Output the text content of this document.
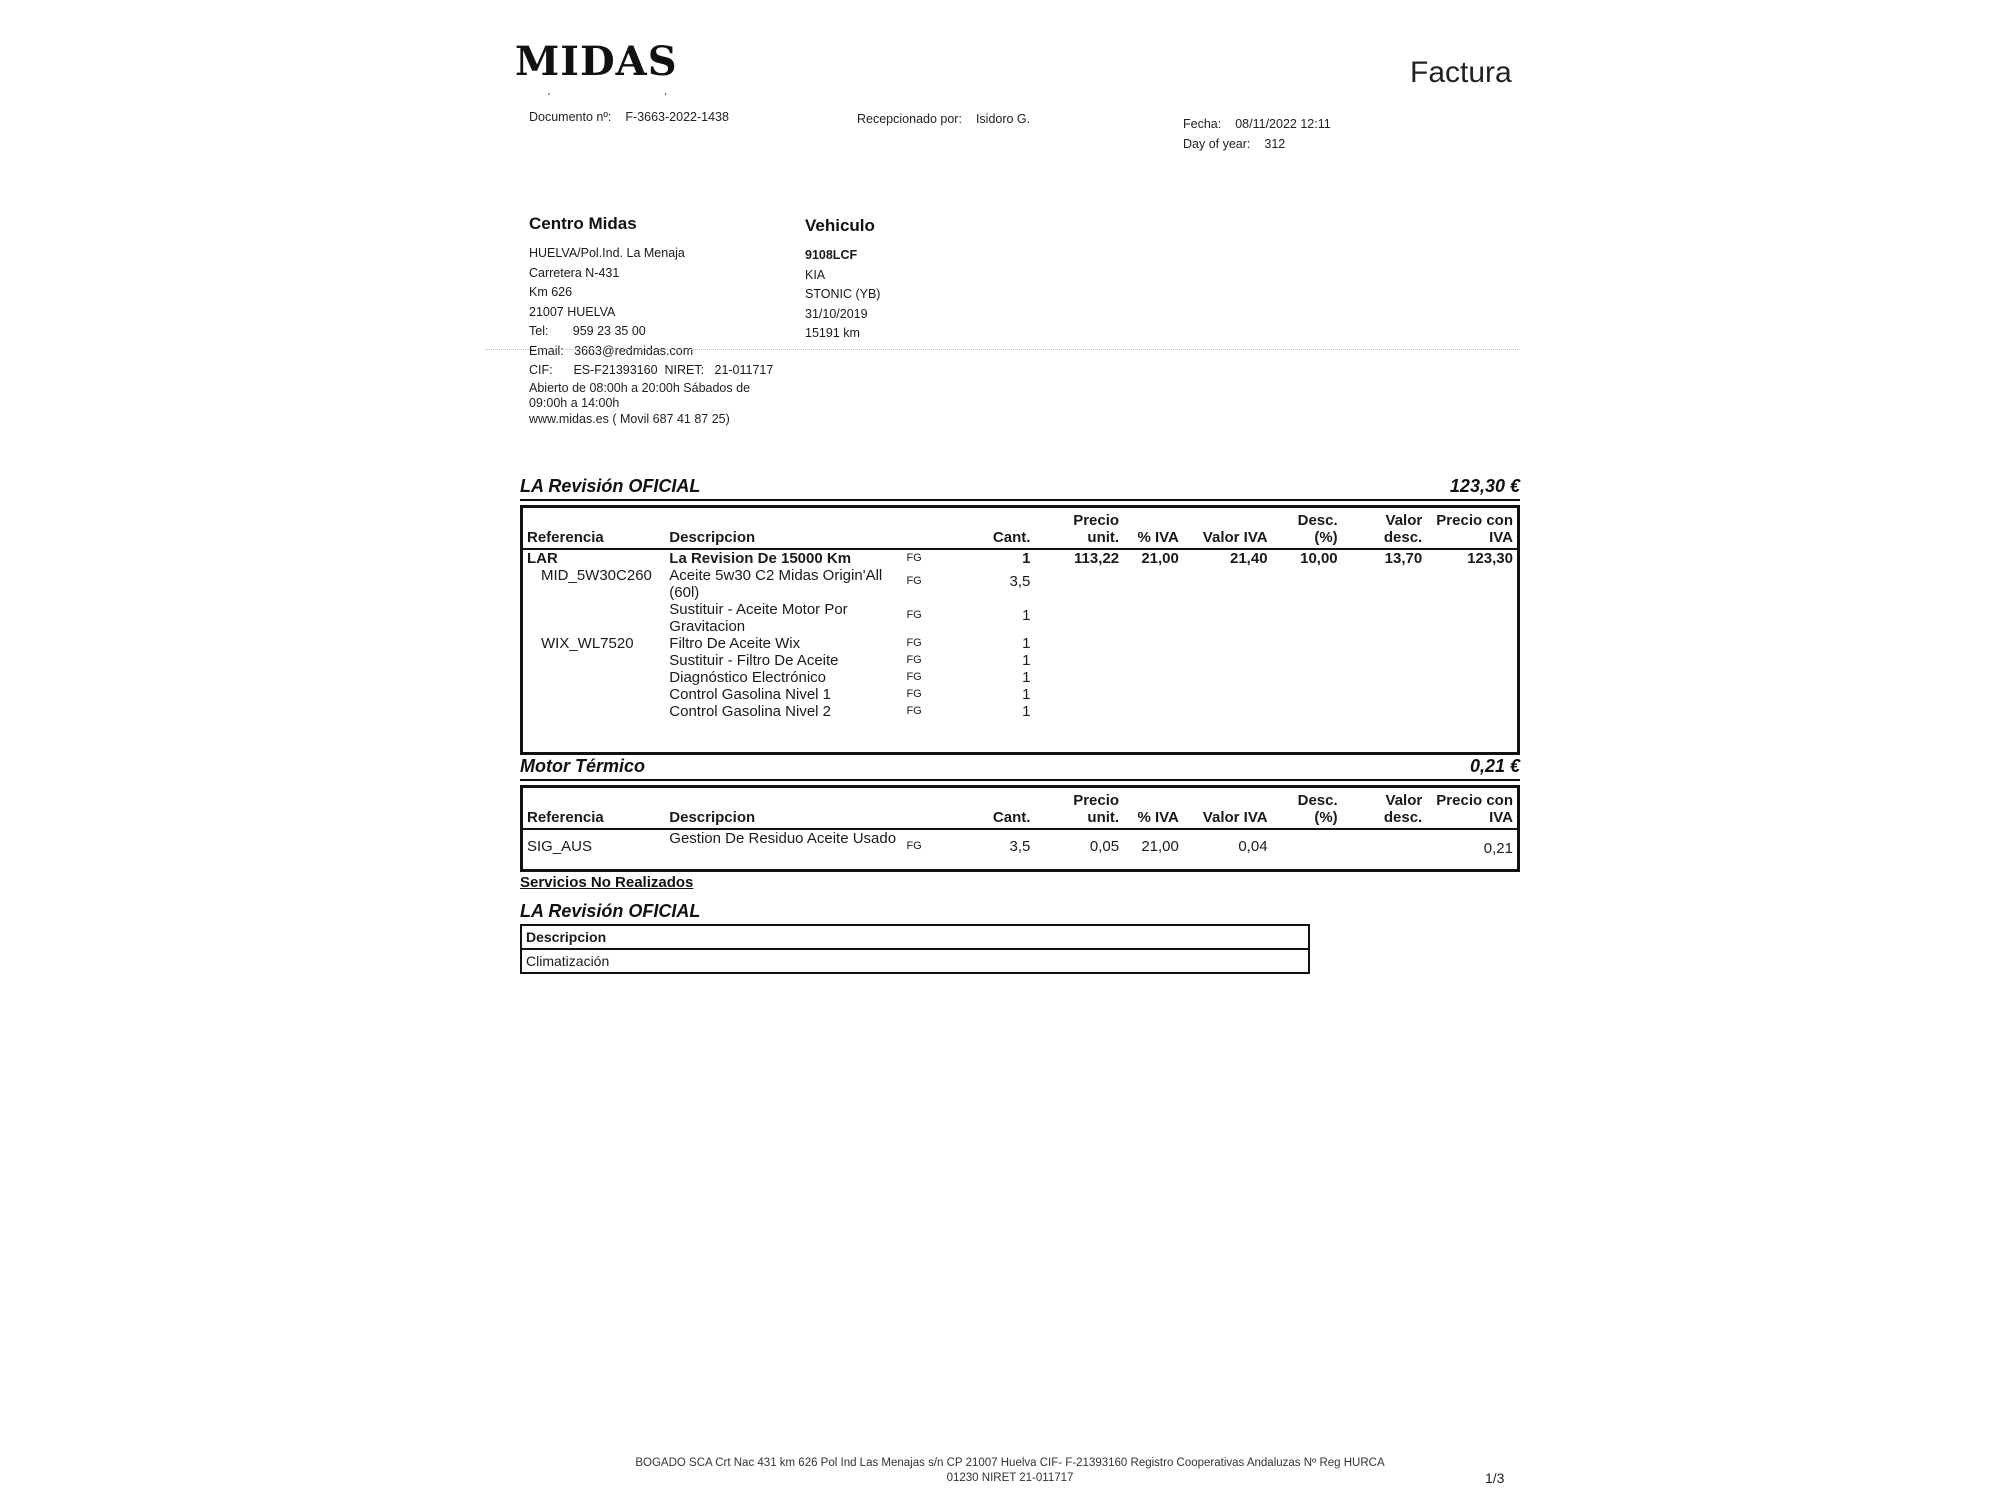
MIDAS
' '
Factura
Documento nº: F-3663-2022-1438	Recepcionado por: Isidoro G.	Fecha: 08/11/2022 12:11
Day of year: 312
Centro Midas
HUELVA/Pol.Ind. La Menaja
Carretera N-431
Km 626
21007 HUELVA
Tel:       959 23 35 00
Email:   3663@redmidas.com
CIF:      ES-F21393160  NIRET:   21-011717
Abierto de 08:00h a 20:00h Sábados de 09:00h a 14:00h
www.midas.es ( Movil 687 41 87 25)
Vehiculo
9108LCF
KIA
STONIC (YB)
31/10/2019
15191 km
LA Revisión OFICIAL	123,30 €
Referencia	Descripcion		Cant.	Precio unit.	% IVA	Valor IVA	Desc. (%)	Valor desc.	Precio con IVA
LAR	La Revision De 15000 Km	FG	1	113,22	21,00	21,40	10,00	13,70	123,30
MID_5W30C260	Aceite 5w30 C2 Midas Origin'All (60l)	FG	3,5						
	Sustituir - Aceite Motor Por Gravitacion	FG	1						
WIX_WL7520	Filtro De Aceite Wix	FG	1						
	Sustituir - Filtro De Aceite	FG	1						
	Diagnóstico Electrónico	FG	1						
	Control Gasolina Nivel 1	FG	1						
	Control Gasolina Nivel 2	FG	1						
Motor Térmico	0,21 €
Referencia	Descripcion		Cant.	Precio unit.	% IVA	Valor IVA	Desc. (%)	Valor desc.	Precio con IVA
SIG_AUS	Gestion De Residuo Aceite Usado	FG	3,5	0,05	21,00	0,04			0,21
Servicios No Realizados
LA Revisión OFICIAL
Descripcion
Climatización
BOGADO SCA Crt Nac 431 km 626 Pol Ind Las Menajas s/n CP 21007 Huelva CIF- F-21393160 Registro Cooperativas Andaluzas Nº Reg HURCA
01230 NIRET 21-011717	1/3
